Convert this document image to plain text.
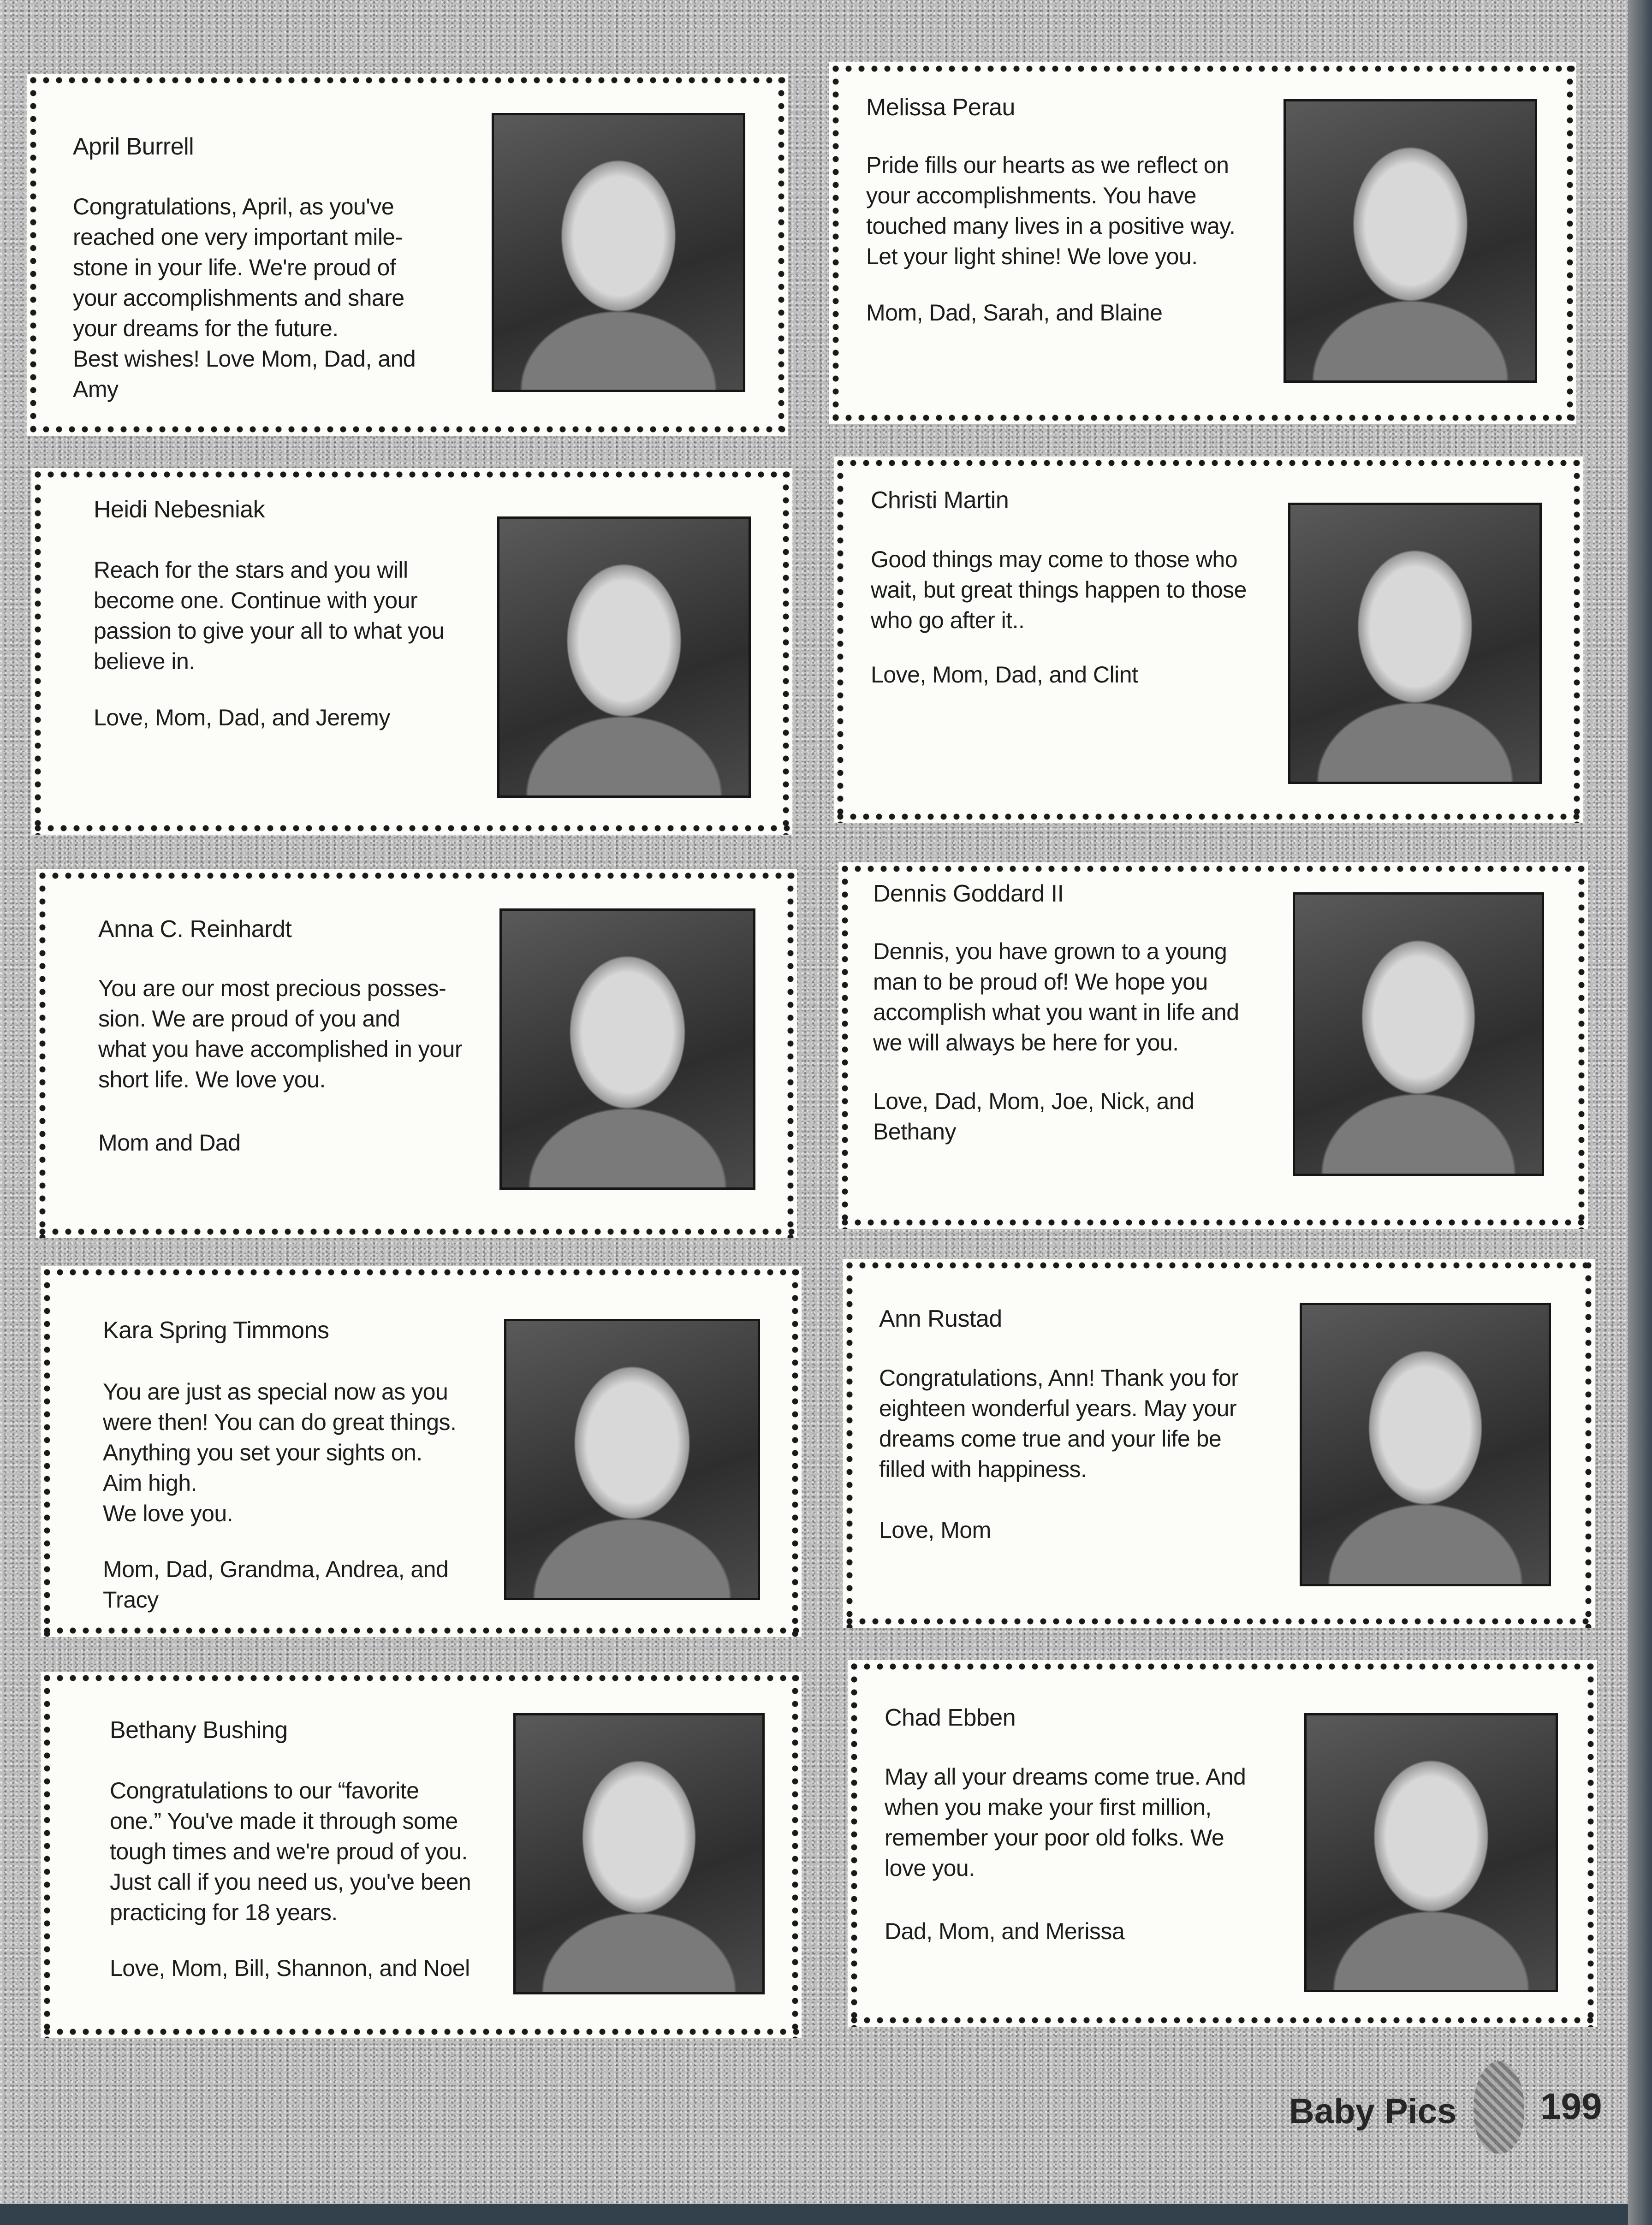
April Burrell
Congratulations, April, as you've
reached one very important mile-
stone in your life. We're proud of
your accomplishments and share
your dreams for the future.
Best wishes! Love Mom, Dad, and
Amy
Melissa Perau
Pride fills our hearts as we reflect on
your accomplishments. You have
touched many lives in a positive way.
Let your light shine! We love you.
Mom, Dad, Sarah, and Blaine
Heidi Nebesniak
Reach for the stars and you will
become one. Continue with your
passion to give your all to what you
believe in.
Love, Mom, Dad, and Jeremy
Christi Martin
Good things may come to those who
wait, but great things happen to those
who go after it..
Love, Mom, Dad, and Clint
Anna C. Reinhardt
You are our most precious posses-
sion. We are proud of you and
what you have accomplished in your
short life. We love you.
Mom and Dad
Dennis Goddard II
Dennis, you have grown to a young
man to be proud of! We hope you
accomplish what you want in life and
we will always be here for you.
Love, Dad, Mom, Joe, Nick, and
Bethany
Kara Spring Timmons
You are just as special now as you
were then! You can do great things.
Anything you set your sights on.
Aim high.
We love you.
Mom, Dad, Grandma, Andrea, and
Tracy
Ann Rustad
Congratulations, Ann! Thank you for
eighteen wonderful years. May your
dreams come true and your life be
filled with happiness.
Love, Mom
Bethany Bushing
Congratulations to our “favorite
one.” You've made it through some
tough times and we're proud of you.
Just call if you need us, you've been
practicing for 18 years.
Love, Mom, Bill, Shannon, and Noel
Chad Ebben
May all your dreams come true. And
when you make your first million,
remember your poor old folks. We
love you.
Dad, Mom, and Merissa
Baby Pics 199
